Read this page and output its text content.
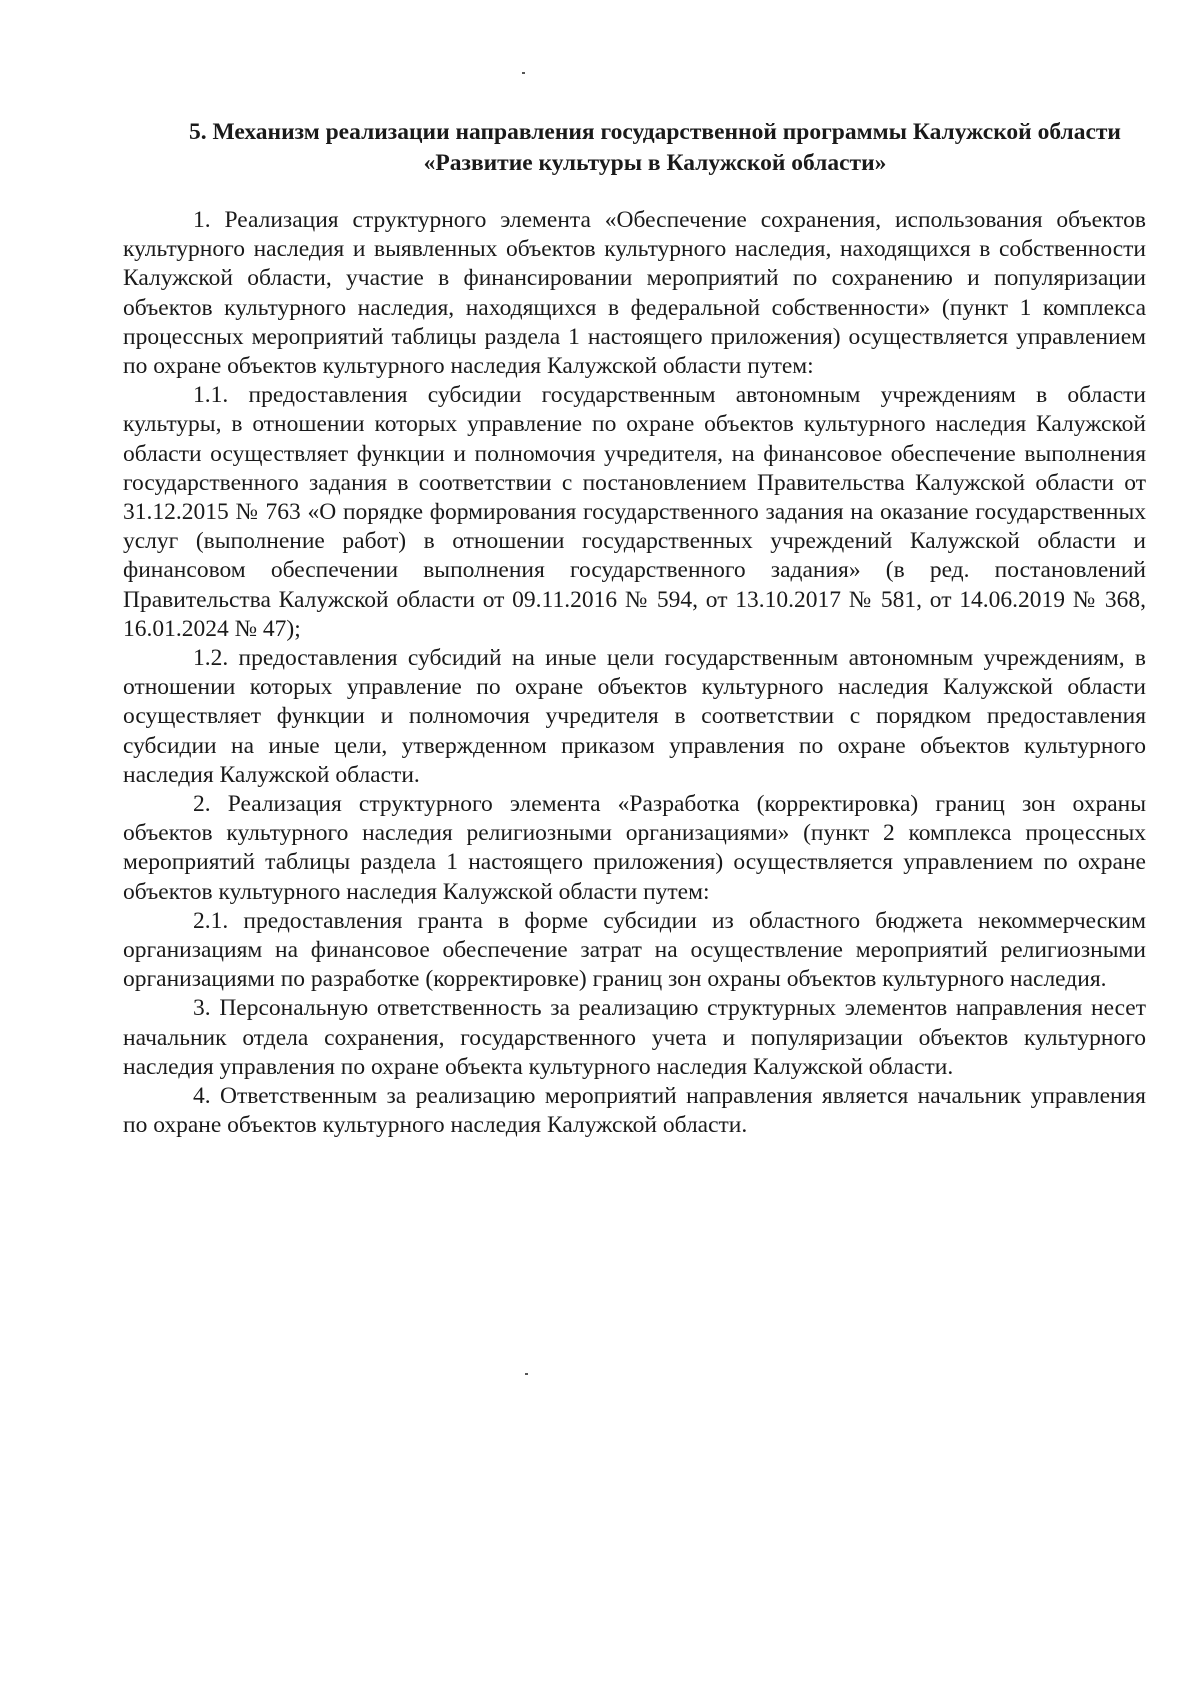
5. Механизм реализации направления государственной программы Калужской области «Развитие культуры в Калужской области»

1. Реализация структурного элемента «Обеспечение сохранения, использования объектов культурного наследия и выявленных объектов культурного наследия, находящихся в собственности Калужской области, участие в финансировании мероприятий по сохранению и популяризации объектов культурного наследия, находящихся в федеральной собственности» (пункт 1 комплекса процессных мероприятий таблицы раздела 1 настоящего приложения) осуществляется управлением по охране объектов культурного наследия Калужской области путем:

1.1. предоставления субсидии государственным автономным учреждениям в области культуры, в отношении которых управление по охране объектов культурного наследия Калужской области осуществляет функции и полномочия учредителя, на финансовое обеспечение выполнения государственного задания в соответствии с постановлением Правительства Калужской области от 31.12.2015 № 763 «О порядке формирования государственного задания на оказание государственных услуг (выполнение работ) в отношении государственных учреждений Калужской области и финансовом обеспечении выполнения государственного задания» (в ред. постановлений Правительства Калужской области от 09.11.2016 № 594, от 13.10.2017 № 581, от 14.06.2019 № 368, 16.01.2024 № 47);

1.2. предоставления субсидий на иные цели государственным автономным учреждениям, в отношении которых управление по охране объектов культурного наследия Калужской области осуществляет функции и полномочия учредителя в соответствии с порядком предоставления субсидии на иные цели, утвержденном приказом управления по охране объектов культурного наследия Калужской области.

2. Реализация структурного элемента «Разработка (корректировка) границ зон охраны объектов культурного наследия религиозными организациями» (пункт 2 комплекса процессных мероприятий таблицы раздела 1 настоящего приложения) осуществляется управлением по охране объектов культурного наследия Калужской области путем:

2.1. предоставления гранта в форме субсидии из областного бюджета некоммерческим организациям на финансовое обеспечение затрат на осуществление мероприятий религиозными организациями по разработке (корректировке) границ зон охраны объектов культурного наследия.

3. Персональную ответственность за реализацию структурных элементов направления несет начальник отдела сохранения, государственного учета и популяризации объектов культурного наследия управления по охране объекта культурного наследия Калужской области.

4. Ответственным за реализацию мероприятий направления является начальник управления по охране объектов культурного наследия Калужской области.
